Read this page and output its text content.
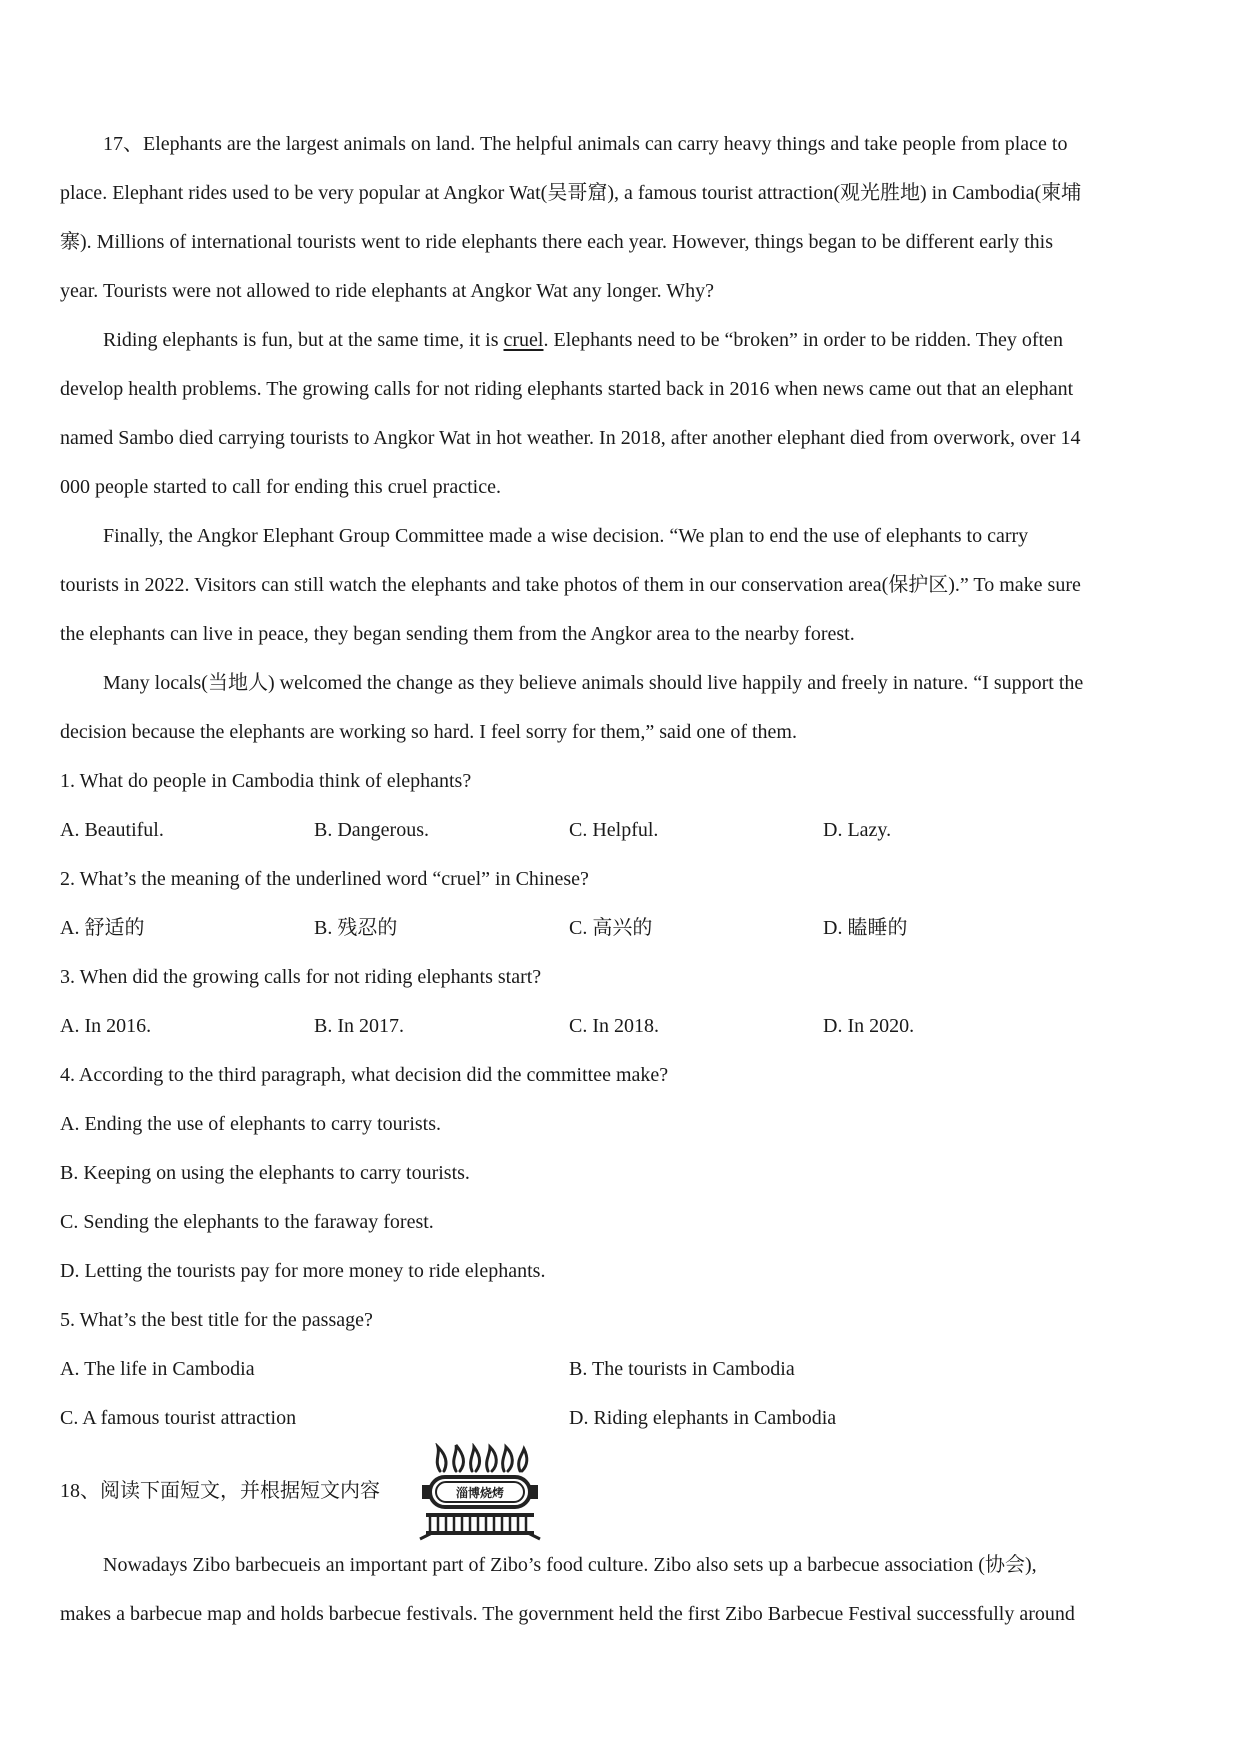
17、Elephants are the largest animals on land. The helpful animals can carry heavy things and take people from place to
place. Elephant rides used to be very popular at Angkor Wat(吴哥窟), a famous tourist attraction(观光胜地) in Cambodia(柬埔
寨). Millions of international tourists went to ride elephants there each year. However, things began to be different early this
year. Tourists were not allowed to ride elephants at Angkor Wat any longer. Why?
Riding elephants is fun, but at the same time, it is cruel. Elephants need to be “broken” in order to be ridden. They often
develop health problems. The growing calls for not riding elephants started back in 2016 when news came out that an elephant
named Sambo died carrying tourists to Angkor Wat in hot weather. In 2018, after another elephant died from overwork, over 14
000 people started to call for ending this cruel practice.
Finally, the Angkor Elephant Group Committee made a wise decision. “We plan to end the use of elephants to carry
tourists in 2022. Visitors can still watch the elephants and take photos of them in our conservation area(保护区).” To make sure
the elephants can live in peace, they began sending them from the Angkor area to the nearby forest.
Many locals(当地人) welcomed the change as they believe animals should live happily and freely in nature. “I support the
decision because the elephants are working so hard. I feel sorry for them,” said one of them.
1. What do people in Cambodia think of elephants?
A. Beautiful.	B. Dangerous.	C. Helpful.	D. Lazy.
2. What’s the meaning of the underlined word “cruel” in Chinese?
A. 舒适的	B. 残忍的	C. 高兴的	D. 瞌睡的
3. When did the growing calls for not riding elephants start?
A. In 2016.	B. In 2017.	C. In 2018.	D. In 2020.
4. According to the third paragraph, what decision did the committee make?
A. Ending the use of elephants to carry tourists.
B. Keeping on using the elephants to carry tourists.
C. Sending the elephants to the faraway forest.
D. Letting the tourists pay for more money to ride elephants.
5. What’s the best title for the passage?
A. The life in Cambodia	B. The tourists in Cambodia
C. A famous tourist attraction	D. Riding elephants in Cambodia
18、阅读下面短文，并根据短文内容	淄博烧烤
Nowadays Zibo barbecueis an important part of Zibo’s food culture. Zibo also sets up a barbecue association (协会),
makes a barbecue map and holds barbecue festivals. The government held the first Zibo Barbecue Festival successfully around
